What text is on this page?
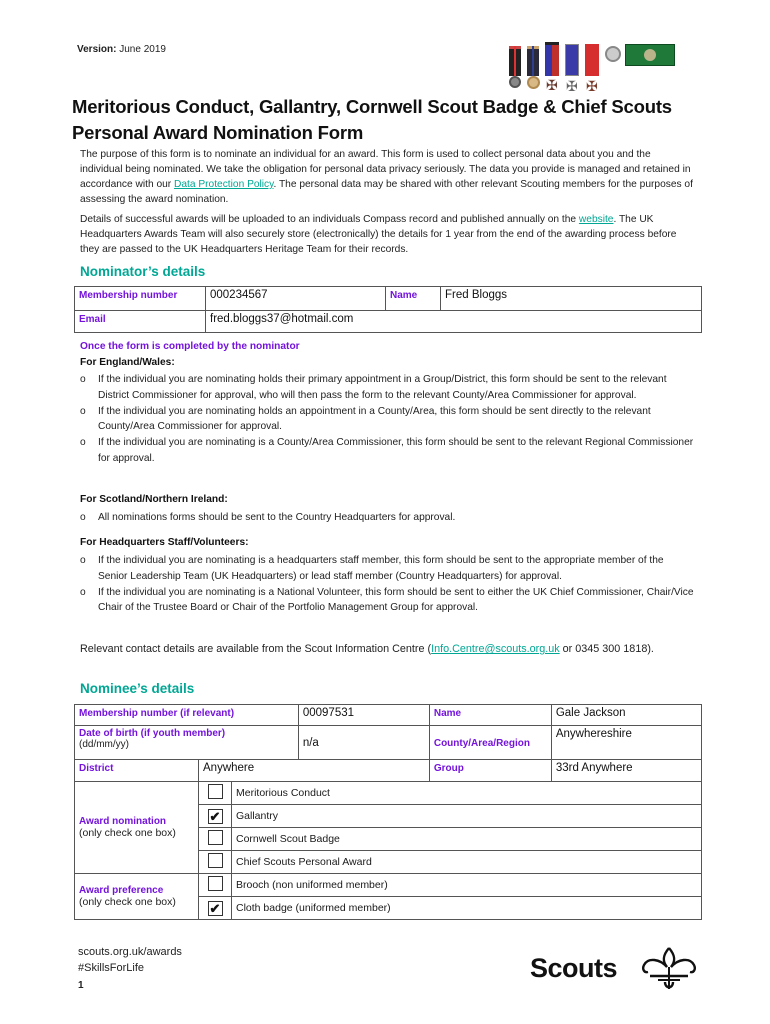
Version: June 2019
✠ ✠ ✠
Meritorious Conduct, Gallantry, Cornwell Scout Badge & Chief Scouts Personal Award Nomination Form
The purpose of this form is to nominate an individual for an award. This form is used to collect personal data about you and the individual being nominated. We take the obligation for personal data privacy seriously. The data you provide is managed and retained in accordance with our Data Protection Policy. The personal data may be shared with other relevant Scouting members for the purposes of assessing the award nomination.
Details of successful awards will be uploaded to an individuals Compass record and published annually on the website. The UK Headquarters Awards Team will also securely store (electronically) the details for 1 year from the end of the awarding process before they are passed to the UK Headquarters Heritage Team for their records.
Nominator’s details
Membership number	000234567	Name	Fred Bloggs
Email	fred.bloggs37@hotmail.com		
Once the form is completed by the nominator
For England/Wales:
o If the individual you are nominating holds their primary appointment in a Group/District, this form should be sent to the relevant District Commissioner for approval, who will then pass the form to the relevant County/Area Commissioner for approval.
o If the individual you are nominating holds an appointment in a County/Area, this form should be sent directly to the relevant County/Area Commissioner for approval.
o If the individual you are nominating is a County/Area Commissioner, this form should be sent to the relevant Regional Commissioner for approval.
For Scotland/Northern Ireland:
o All nominations forms should be sent to the Country Headquarters for approval.
For Headquarters Staff/Volunteers:
o If the individual you are nominating is a headquarters staff member, this form should be sent to the appropriate member of the Senior Leadership Team (UK Headquarters) or lead staff member (Country Headquarters) for approval.
o If the individual you are nominating is a National Volunteer, this form should be sent to either the UK Chief Commissioner, Chair/Vice Chair of the Trustee Board or Chair of the Portfolio Management Group for approval.
Relevant contact details are available from the Scout Information Centre (Info.Centre@scouts.org.uk or 0345 300 1818).
Nominee’s details
Membership number (if relevant)		00097531	Name	Gale Jackson

Date of birth (if youth member)
(dd/mm/yy)		n/a	County/Area/Region	Anywhereshire
District	Anywhere		Group	33rd Anywhere
Award nomination
(only check one box)		Meritorious Conduct
	✔	Gallantry
		Cornwell Scout Badge
		Chief Scouts Personal Award

Award preference
(only check one box)		Brooch (non uniformed member)
	✔	Cloth badge (uniformed member)
scouts.org.uk/awards
#SkillsForLife
1
Scouts
